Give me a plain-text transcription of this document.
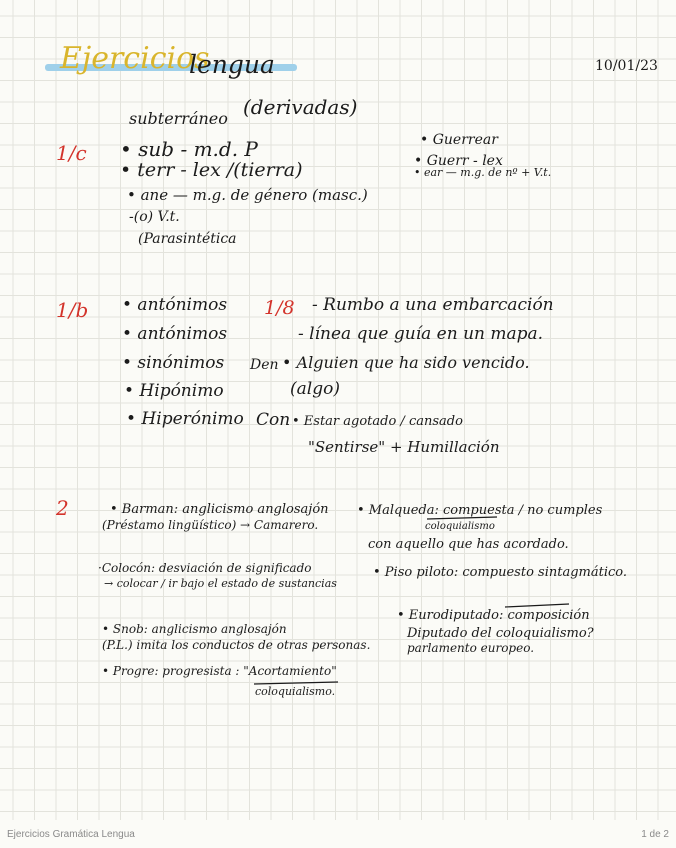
Ejercicios
lengua	10/01/23
subterráneo (derivadas)
1/c • sub - m.d. P
• terr - lex /(tierra)
• ane — m.g. de género (masc.)
-(o) V.t.
(Parasintética
• Guerrear
• Guerr - lex
• ear — m.g. de nº + V.t.
1/b • antónimos
• antónimos
• sinónimos
• Hipónimo
• Hiperónimo
1/8 - Rumbo a una embarcación
- línea que guía en un mapa.
Den • Alguien que ha sido vencido.
(algo)
Con • Estar agotado / cansado
"Sentirse" + Humillación
2	• Barman: anglicismo anglosajón
(Préstamo lingüístico) → Camarero.
·Colocón: desviación de significado
→ colocar / ir bajo el estado de sustancias
• Snob: anglicismo anglosajón
(P.L.) imita los conductos de otras personas.
• Progre: progresista : "Acortamiento"
coloquialismo.
• Malqueda: compuesta / no cumples
coloquialismo
con aquello que has acordado.
• Piso piloto: compuesto sintagmático.
• Eurodiputado: composición
Diputado del coloquialismo?
parlamento europeo.
Ejercicios Gramática Lengua	1 de 2
